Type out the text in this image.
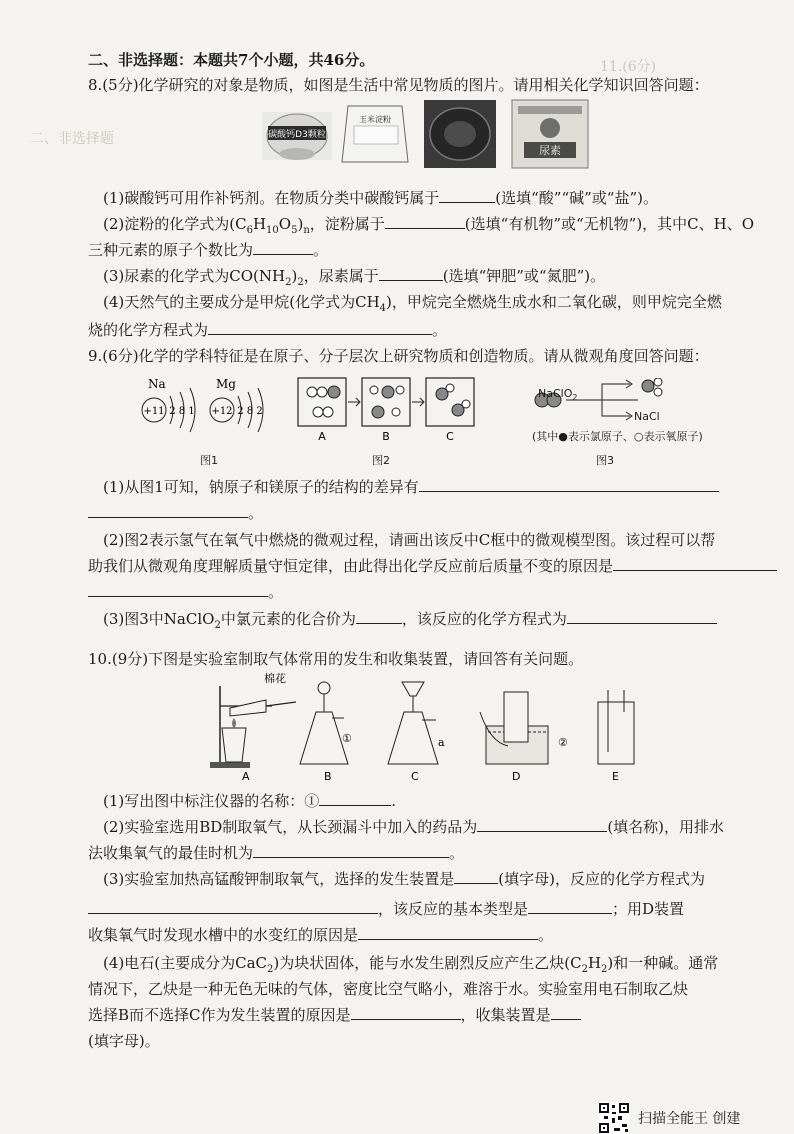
11.(6分)
二、非选择题
二、非选择题：本题共7个小题，共46分。
8.(5分)化学研究的对象是物质，如图是生活中常见物质的图片。请用相关化学知识回答问题：
碳酸钙D3颗粒
玉米淀粉
尿素
(1)碳酸钙可用作补钙剂。在物质分类中碳酸钙属于	(选填“酸”“碱”或“盐”)。
(2)淀粉的化学式为$(C_6H_{10}O_5)_n$，淀粉属于	(选填“有机物”或“无机物”)，其中C、H、O
三种元素的原子个数比为	。
(3)尿素的化学式为$CO(NH_2)_2$，尿素属于	(选填“钾肥”或“氮肥”)。
(4)天然气的主要成分是甲烷(化学式为$CH_4$)，甲烷完全燃烧生成水和二氧化碳，则甲烷完全燃
烧的化学方程式为	。
9.(6分)化学的学科特征是在原子、分子层次上研究物质和创造物质。请从微观角度回答问题：
Na
+11 2 8 1
Mg
+12 2 8 2
图1
A	B	C
图2
NaClO$_2$
NaCl
(其中●表示氯原子、○表示氧原子)
图3
(1)从图1可知，钠原子和镁原子的结构的差异有
。
(2)图2表示氢气在氧气中燃烧的微观过程，请画出该反中C框中的微观模型图。该过程可以帮
助我们从微观角度理解质量守恒定律，由此得出化学反应前后质量不变的原因是
。
(3)图3中NaClO$_2$中氯元素的化合价为	，该反应的化学方程式为
10.(9分)下图是实验室制取气体常用的发生和收集装置，请回答有关问题。
棉花
①	a	②
A	B	C	D	E
(1)写出图中标注仪器的名称：①	.
(2)实验室选用BD制取氧气，从长颈漏斗中加入的药品为	(填名称)，用排水
法收集氧气的最佳时机为	。
(3)实验室加热高锰酸钾制取氧气，选择的发生装置是	(填字母)，反应的化学方程式为
，该反应的基本类型是	；用D装置
收集氧气时发现水槽中的水变红的原因是	。
(4)电石(主要成分为CaC$_2$)为块状固体，能与水发生剧烈反应产生乙炔$(C_2H_2)$和一种碱。通常
情况下，乙炔是一种无色无味的气体，密度比空气略小，难溶于水。实验室用电石制取乙炔
选择B而不选择C作为发生装置的原因是	，收集装置是
(填字母)。
扫描全能王 创建
